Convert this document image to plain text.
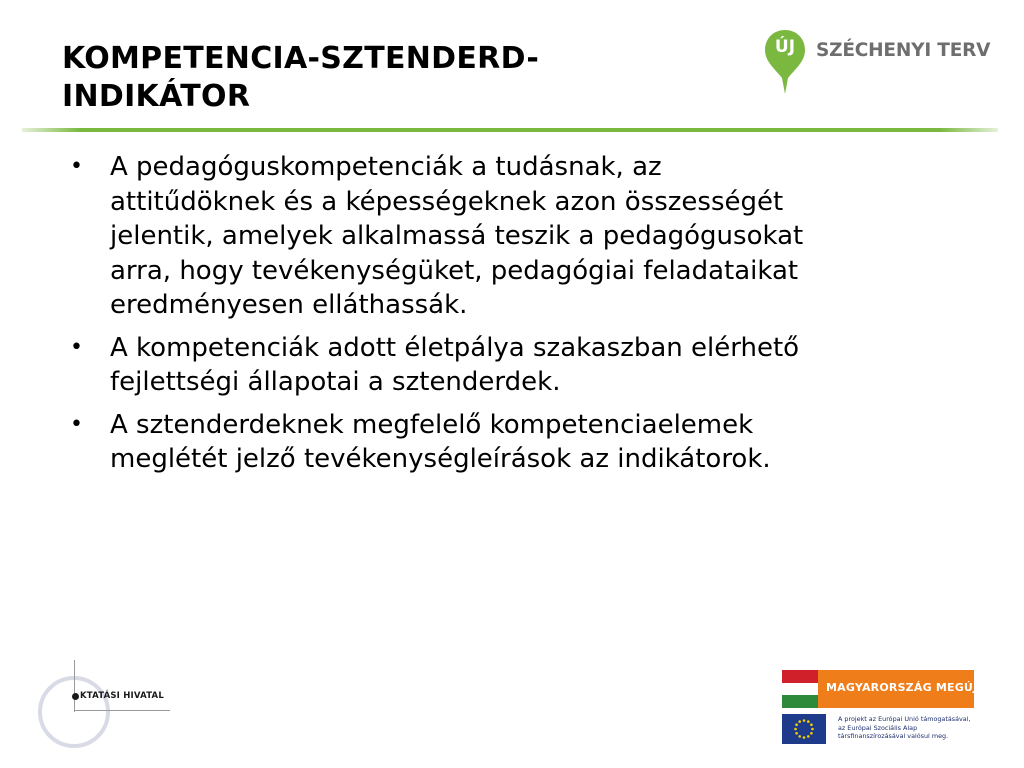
KOMPETENCIA-SZTENDERD-
INDIKÁTOR
ÚJ	SZÉCHENYI TERV
• A pedagóguskompetenciák a tudásnak, az
attitűdöknek és a képességeknek azon összességét
jelentik, amelyek alkalmassá teszik a pedagógusokat
arra, hogy tevékenységüket, pedagógiai feladataikat
eredményesen elláthassák.
• A kompetenciák adott életpálya szakaszban elérhető
fejlettségi állapotai a sztenderdek.
• A sztenderdeknek megfelelő kompetenciaelemek
meglétét jelző tevékenységleírások az indikátorok.
KTATÁSI HIVATAL
MAGYARORSZÁG MEGÚJUL
A projekt az Európai Unió támogatásával,
az Európai Szociális Alap
társfinanszírozásával valósul meg.
